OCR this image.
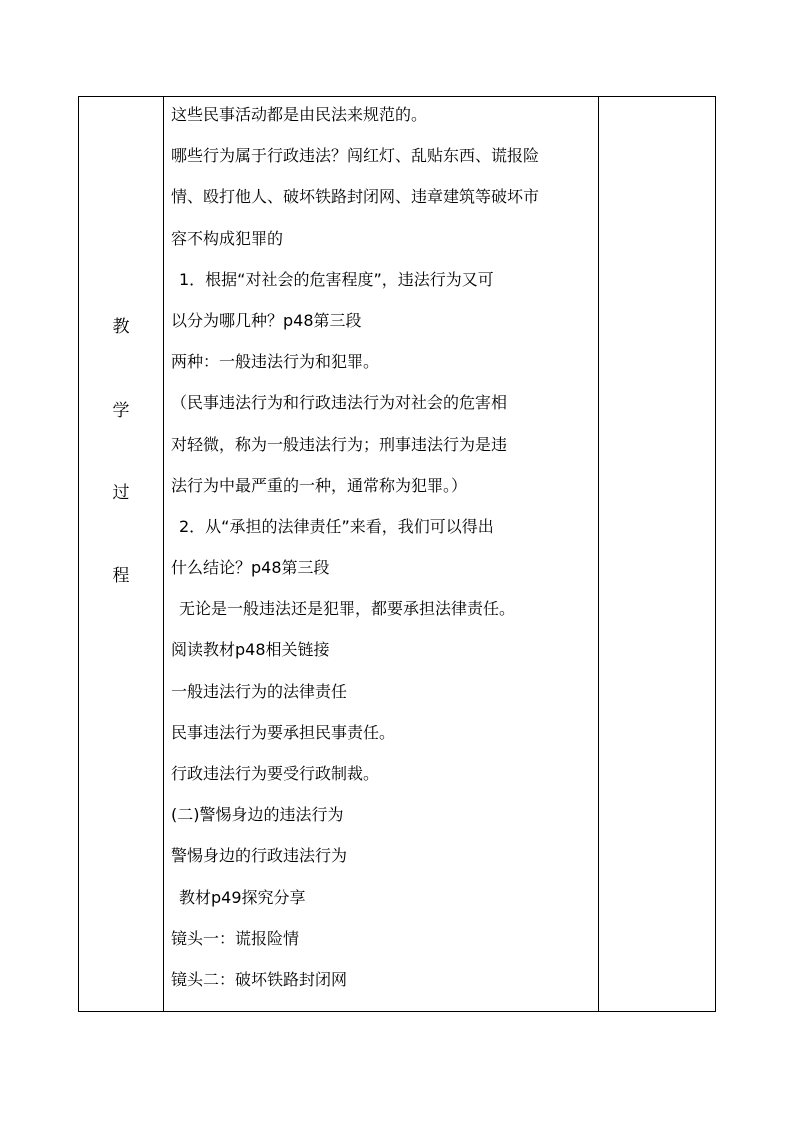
教
学
过
程
这些民事活动都是由民法来规范的。
哪些行为属于行政违法？闯红灯、乱贴东西、谎报险
情、殴打他人、破坏铁路封闭网、违章建筑等破坏市
容不构成犯罪的
1．根据“对社会的危害程度”，违法行为又可
以分为哪几种？p48第三段
两种：一般违法行为和犯罪。
（民事违法行为和行政违法行为对社会的危害相
对轻微，称为一般违法行为；刑事违法行为是违
法行为中最严重的一种，通常称为犯罪。）
2．从“承担的法律责任”来看，我们可以得出
什么结论？p48第三段
无论是一般违法还是犯罪，都要承担法律责任。
阅读教材p48相关链接
一般违法行为的法律责任
民事违法行为要承担民事责任。
行政违法行为要受行政制裁。
(二)警惕身边的违法行为
警惕身边的行政违法行为
教材p49探究分享
镜头一：谎报险情
镜头二：破坏铁路封闭网
